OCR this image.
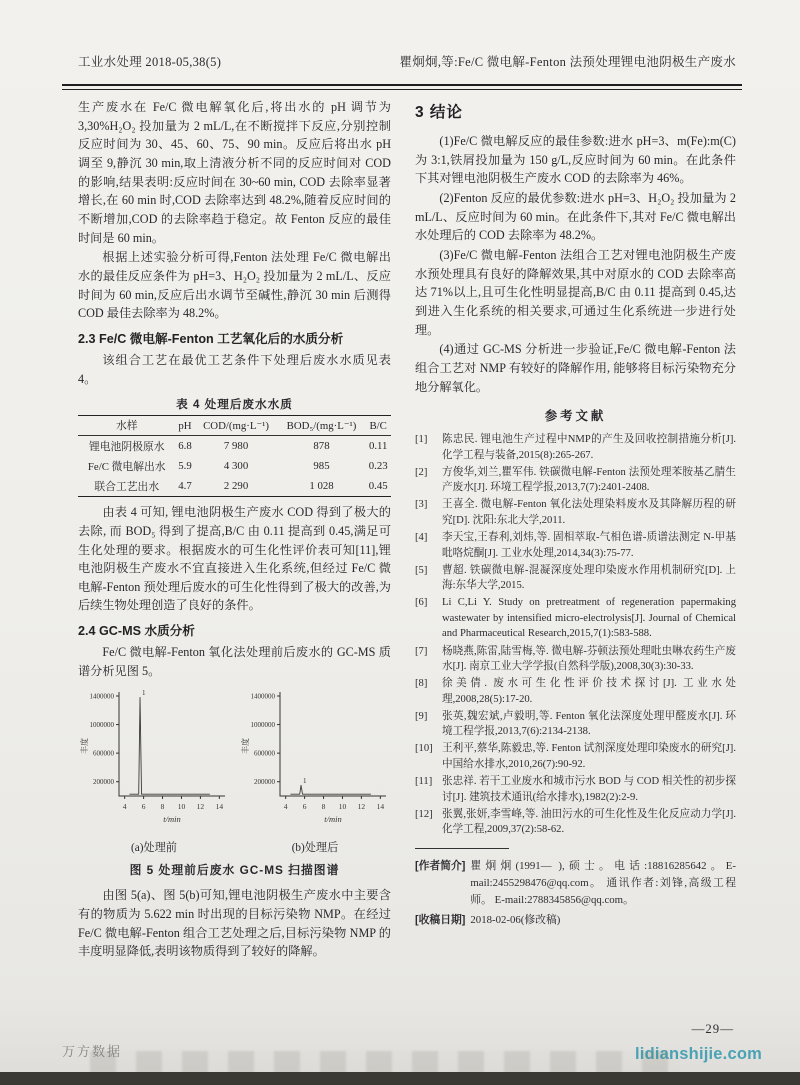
工业水处理 2018-05,38(5)	瞿炯炯,等:Fe/C 微电解-Fenton 法预处理锂电池阴极生产废水

生产废水在 Fe/C 微电解氧化后,将出水的 pH 调节为 3,30%H₂O₂ 投加量为 2 mL/L,在不断搅拌下反应,分别控制反应时间为 30、45、60、75、90 min。反应后将出水 pH 调至 9,静沉 30 min,取上清液分析不同的反应时间对 COD 的影响,结果表明:反应时间在 30~60 min, COD 去除率显著增长,在 60 min 时,COD 去除率达到 48.2%,随着反应时间的不断增加,COD 的去除率趋于稳定。故 Fenton 反应的最佳时间是 60 min。

根据上述实验分析可得,Fenton 法处理 Fe/C 微电解出水的最佳反应条件为 pH=3、H₂O₂ 投加量为 2 mL/L、反应时间为 60 min,反应后出水调节至碱性,静沉 30 min 后测得 COD 最佳去除率为 48.2%。

2.3 Fe/C 微电解-Fenton 工艺氧化后的水质分析

该组合工艺在最优工艺条件下处理后废水水质见表 4。

表 4 处理后废水水质
水样	pH	COD/(mg·L⁻¹)	BOD₅/(mg·L⁻¹)	B/C
锂电池阴极原水	6.8	7 980	878	0.11
Fe/C 微电解出水	5.9	4 300	985	0.23
联合工艺出水	4.7	2 290	1 028	0.45

由表 4 可知, 锂电池阴极生产废水 COD 得到了极大的去除, 而 BOD₅ 得到了提高,B/C 由 0.11 提高到 0.45,满足可生化处理的要求。根据废水的可生化性评价表可知[11],锂电池阴极生产废水不宜直接进入生化系统,但经过 Fe/C 微电解-Fenton 预处理后废水的可生化性得到了极大的改善,为后续生物处理创造了良好的条件。

2.4 GC-MS 水质分析

Fe/C 微电解-Fenton 氧化法处理前后废水的 GC-MS 质谱分析见图 5。

200000
600000
1000000
1400000
4 6 8 10 12 14
t/min
丰度
1
(a)处理前
200000
600000
1000000
1400000
4 6 8 10 12 14
t/min
丰度
1
(b)处理后
图 5 处理前后废水 GC-MS 扫描图谱

由图 5(a)、图 5(b)可知,锂电池阴极生产废水中主要含有的物质为 5.622 min 时出现的目标污染物 NMP。在经过 Fe/C 微电解-Fenton 组合工艺处理之后,目标污染物 NMP 的丰度明显降低,表明该物质得到了较好的降解。

3 结论

(1)Fe/C 微电解反应的最佳参数:进水 pH=3、m(Fe):m(C)为 3:1,铁屑投加量为 150 g/L,反应时间为 60 min。在此条件下其对锂电池阴极生产废水 COD 的去除率为 46%。

(2)Fenton 反应的最优参数:进水 pH=3、H₂O₂ 投加量为 2 mL/L、反应时间为 60 min。在此条件下,其对 Fe/C 微电解出水处理后的 COD 去除率为 48.2%。

(3)Fe/C 微电解-Fenton 法组合工艺对锂电池阴极生产废水预处理具有良好的降解效果,其中对原水的 COD 去除率高达 71%以上,且可生化性明显提高,B/C 由 0.11 提高到 0.45,达到进入生化系统的相关要求,可通过生化系统进一步进行处理。

(4)通过 GC-MS 分析进一步验证,Fe/C 微电解-Fenton 法组合工艺对 NMP 有较好的降解作用, 能够将目标污染物充分地分解氧化。

参考文献
[1]	陈忠民. 锂电池生产过程中NMP的产生及回收控制措施分析[J]. 化学工程与装备,2015(8):265-267.
[2]	方俊华,刘兰,瞿军伟. 铁碳微电解-Fenton 法预处理苯胺基乙腈生产废水[J]. 环境工程学报,2013,7(7):2401-2408.
[3]	王喜全. 微电解-Fenton 氧化法处理染料废水及其降解历程的研究[D]. 沈阳:东北大学,2011.
[4]	李天宝,王春利,刘炜,等. 固相萃取-气相色谱-质谱法测定 N-甲基吡咯烷酮[J]. 工业水处理,2014,34(3):75-77.
[5]	曹超. 铁碳微电解-混凝深度处理印染废水作用机制研究[D]. 上海:东华大学,2015.
[6]	Li C,Li Y. Study on pretreatment of regeneration papermaking wastewater by intensified micro-electrolysis[J]. Journal of Chemical and Pharmaceutical Research,2015,7(1):583-588.
[7]	杨晓燕,陈雷,陆雪梅,等. 微电解-芬顿法预处理吡虫啉农药生产废水[J]. 南京工业大学学报(自然科学版),2008,30(3):30-33.
[8]	徐美倩. 废水可生化性评价技术探讨[J]. 工业水处理,2008,28(5):17-20.
[9]	张英,魏宏斌,卢毅明,等. Fenton 氧化法深度处理甲醛废水[J]. 环境工程学报,2013,7(6):2134-2138.
[10] 王利平,蔡华,陈毅忠,等. Fenton 试剂深度处理印染废水的研究[J]. 中国给水排水,2010,26(7):90-92.
[11] 张忠祥. 若干工业废水和城市污水 BOD 与 COD 相关性的初步探讨[J]. 建筑技术通讯(给水排水),1982(2):2-9.
[12] 张翼,张妍,李雪峰,等. 油田污水的可生化性及生化反应动力学[J]. 化学工程,2009,37(2):58-62.
[作者简介] 瞿炯炯(1991— ),硕士。电话:18816285642。E-mail:2455298476@qq.com。 通讯作者:刘锋,高级工程师。 E-mail:2788345856@qq.com。
[收稿日期] 2018-02-06(修改稿)
—29—
lidianshijie.com
万方数据
